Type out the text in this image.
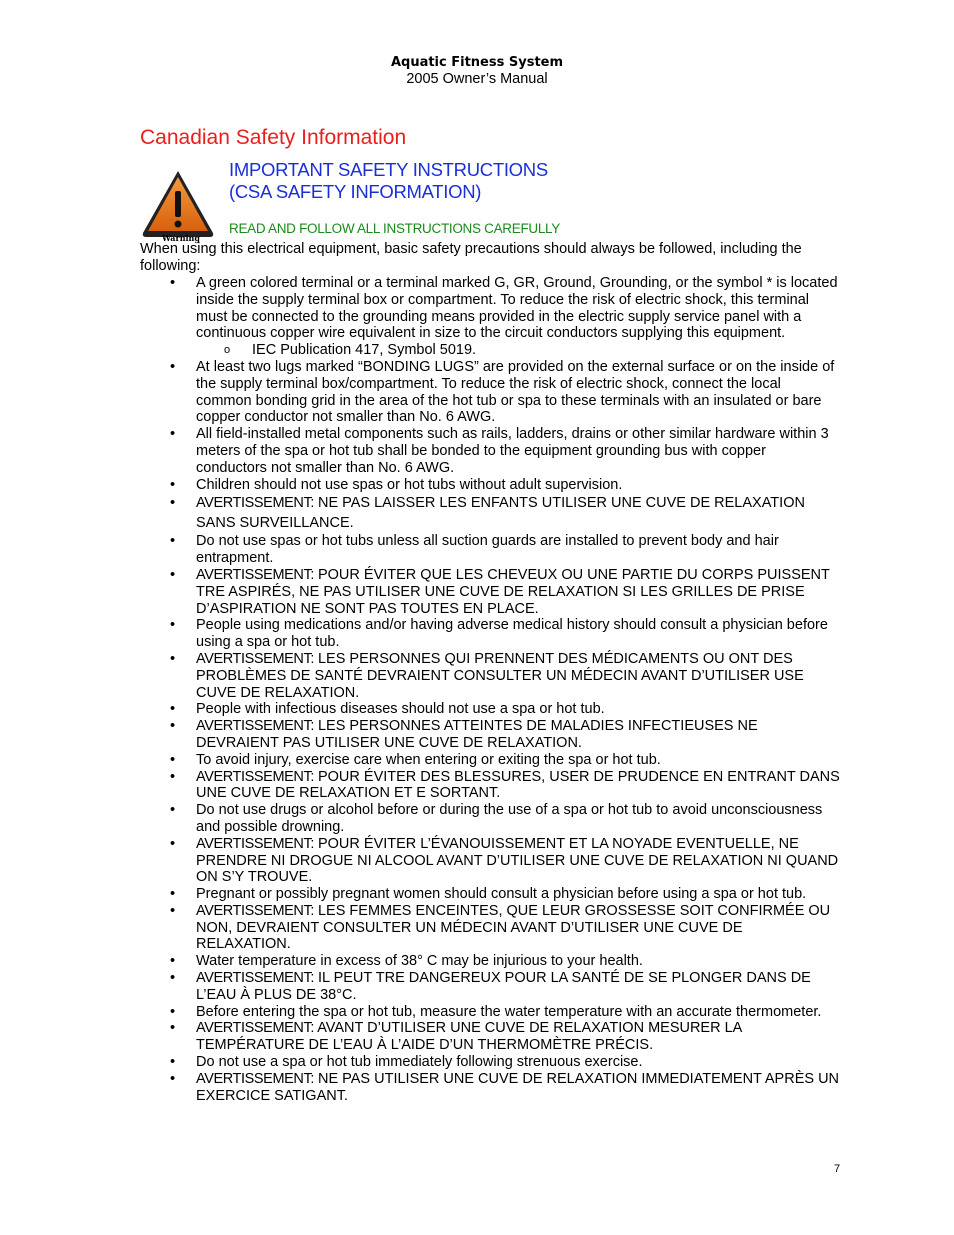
Aquatic Fitness System
2005 Owner’s Manual
Canadian Safety Information
Warning
IMPORTANT SAFETY INSTRUCTIONS
(CSA SAFETY INFORMATION)
READ AND FOLLOW ALL INSTRUCTIONS CAREFULLY
When using this electrical equipment, basic safety precautions should always be followed, including the following:
• A green colored terminal or a terminal marked G, GR, Ground, Grounding, or the symbol * is located inside the supply terminal box or compartment. To reduce the risk of electric shock, this terminal must be connected to the grounding means provided in the electric supply service panel with a continuous copper wire equivalent in size to the circuit conductors supplying this equipment.
o IEC Publication 417, Symbol 5019.
• At least two lugs marked “BONDING LUGS” are provided on the external surface or on the inside of the supply terminal box/compartment. To reduce the risk of electric shock, connect the local common bonding grid in the area of the hot tub or spa to these terminals with an insulated or bare copper conductor not smaller than No. 6 AWG.
• All field-installed metal components such as rails, ladders, drains or other similar hardware within 3 meters of the spa or hot tub shall be bonded to the equipment grounding bus with copper conductors not smaller than No. 6 AWG.
• Children should not use spas or hot tubs without adult supervision.
• AVERTISSEMENT: NE PAS LAISSER LES ENFANTS UTILISER UNE CUVE DE RELAXATION SANS SURVEILLANCE.
• Do not use spas or hot tubs unless all suction guards are installed to prevent body and hair entrapment.
• AVERTISSEMENT: POUR ÉVITER QUE LES CHEVEUX OU UNE PARTIE DU CORPS PUISSENT TRE ASPIRÉS, NE PAS UTILISER UNE CUVE DE RELAXATION SI LES GRILLES DE PRISE D’ASPIRATION NE SONT PAS TOUTES EN PLACE.
• People using medications and/or having adverse medical history should consult a physician before using a spa or hot tub.
• AVERTISSEMENT: LES PERSONNES QUI PRENNENT DES MÉDICAMENTS OU ONT DES PROBLÈMES DE SANTÉ DEVRAIENT CONSULTER UN MÉDECIN AVANT D’UTILISER USE CUVE DE RELAXATION.
• People with infectious diseases should not use a spa or hot tub.
• AVERTISSEMENT: LES PERSONNES ATTEINTES DE MALADIES INFECTIEUSES NE DEVRAIENT PAS UTILISER UNE CUVE DE RELAXATION.
• To avoid injury, exercise care when entering or exiting the spa or hot tub.
• AVERTISSEMENT: POUR ÉVITER DES BLESSURES, USER DE PRUDENCE EN ENTRANT DANS UNE CUVE DE RELAXATION ET E SORTANT.
• Do not use drugs or alcohol before or during the use of a spa or hot tub to avoid unconsciousness and possible drowning.
• AVERTISSEMENT: POUR ÉVITER L’ÉVANOUISSEMENT ET LA NOYADE EVENTUELLE, NE PRENDRE NI DROGUE NI ALCOOL AVANT D’UTILISER UNE CUVE DE RELAXATION NI QUAND ON S’Y TROUVE.
• Pregnant or possibly pregnant women should consult a physician before using a spa or hot tub.
• AVERTISSEMENT: LES FEMMES ENCEINTES, QUE LEUR GROSSESSE SOIT CONFIRMÉE OU NON, DEVRAIENT CONSULTER UN MÉDECIN AVANT D’UTILISER UNE CUVE DE RELAXATION.
• Water temperature in excess of 38° C may be injurious to your health.
• AVERTISSEMENT: IL PEUT TRE DANGEREUX POUR LA SANTÉ DE SE PLONGER DANS DE L’EAU À PLUS DE 38°C.
• Before entering the spa or hot tub, measure the water temperature with an accurate thermometer.
• AVERTISSEMENT: AVANT D’UTILISER UNE CUVE DE RELAXATION MESURER LA TEMPÉRATURE DE L’EAU À L’AIDE D’UN THERMOMÈTRE PRÉCIS.
• Do not use a spa or hot tub immediately following strenuous exercise.
• AVERTISSEMENT: NE PAS UTILISER UNE CUVE DE RELAXATION IMMEDIATEMENT APRÈS UN EXERCICE SATIGANT.
7
